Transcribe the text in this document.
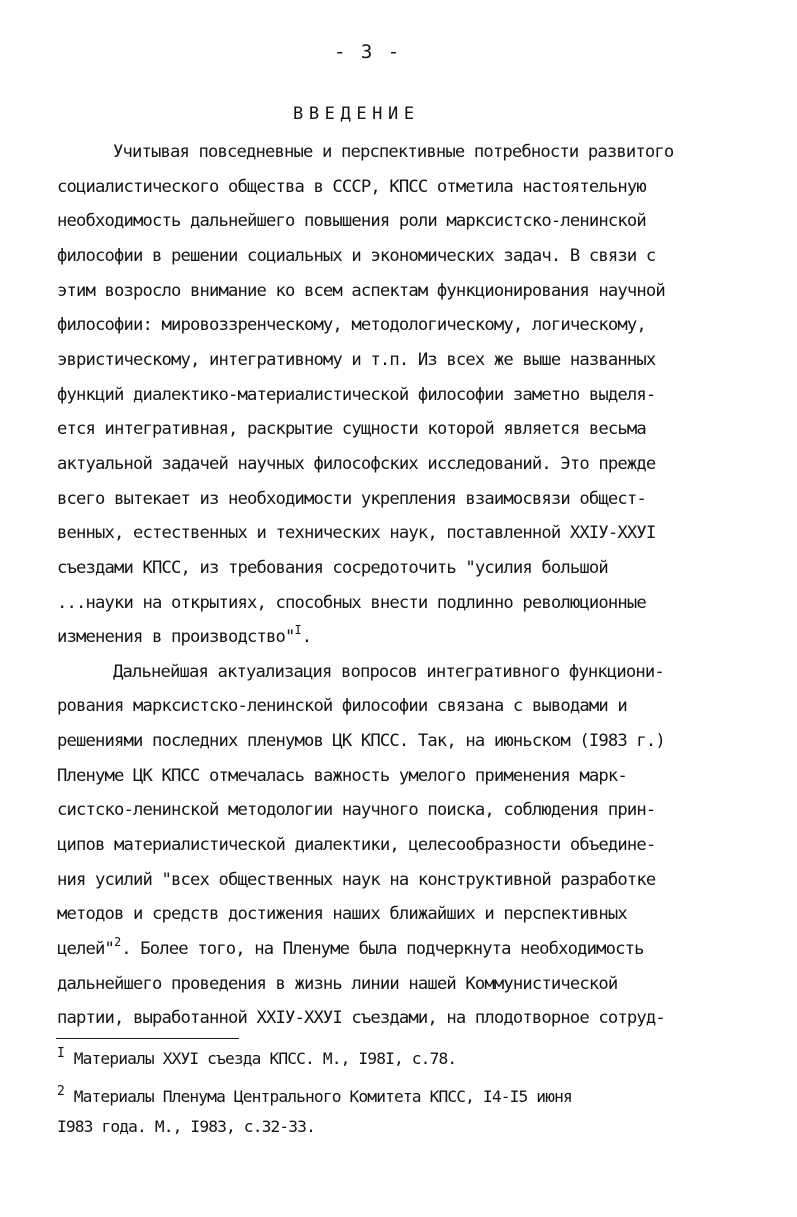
- 3 -
ВВЕДЕНИЕ
Учитывая повседневные и перспективные потребности развитого
социалистического общества в СССР, КПСС отметила настоятельную
необходимость дальнейшего повышения роли марксистско-ленинской
философии в решении социальных и экономических задач. В связи с
этим возросло внимание ко всем аспектам функционирования научной
философии: мировоззренческому, методологическому, логическому,
эвристическому, интегративному и т.п. Из всех же выше названных
функций диалектико-материалистической философии заметно выделя-
ется интегративная, раскрытие сущности которой является весьма
актуальной задачей научных философских исследований. Это прежде
всего вытекает из необходимости укрепления взаимосвязи общест-
венных, естественных и технических наук, поставленной XXIУ-XXУI
съездами КПСС, из требования сосредоточить "усилия большой
...науки на открытиях, способных внести подлинно революционные
изменения в производство"$^I$.
Дальнейшая актуализация вопросов интегративного функциони-
рования марксистско-ленинской философии связана с выводами и
решениями последних пленумов ЦК КПСС. Так, на июньском (I983 г.)
Пленуме ЦК КПСС отмечалась важность умелого применения марк-
систско-ленинской методологии научного поиска, соблюдения прин-
ципов материалистической диалектики, целесообразности объедине-
ния усилий "всех общественных наук на конструктивной разработке
методов и средств достижения наших ближайших и перспективных
целей"$^2$. Более того, на Пленуме была подчеркнута необходимость
дальнейшего проведения в жизнь линии нашей Коммунистической
партии, выработанной XXIУ-XXУI съездами, на плодотворное сотруд-
$^I$ Материалы XXУI съезда КПСС. М., I98I, с.78.
$^2$ Материалы Пленума Центрального Комитета КПСС, I4-I5 июня
I983 года. М., I983, с.32-33.
